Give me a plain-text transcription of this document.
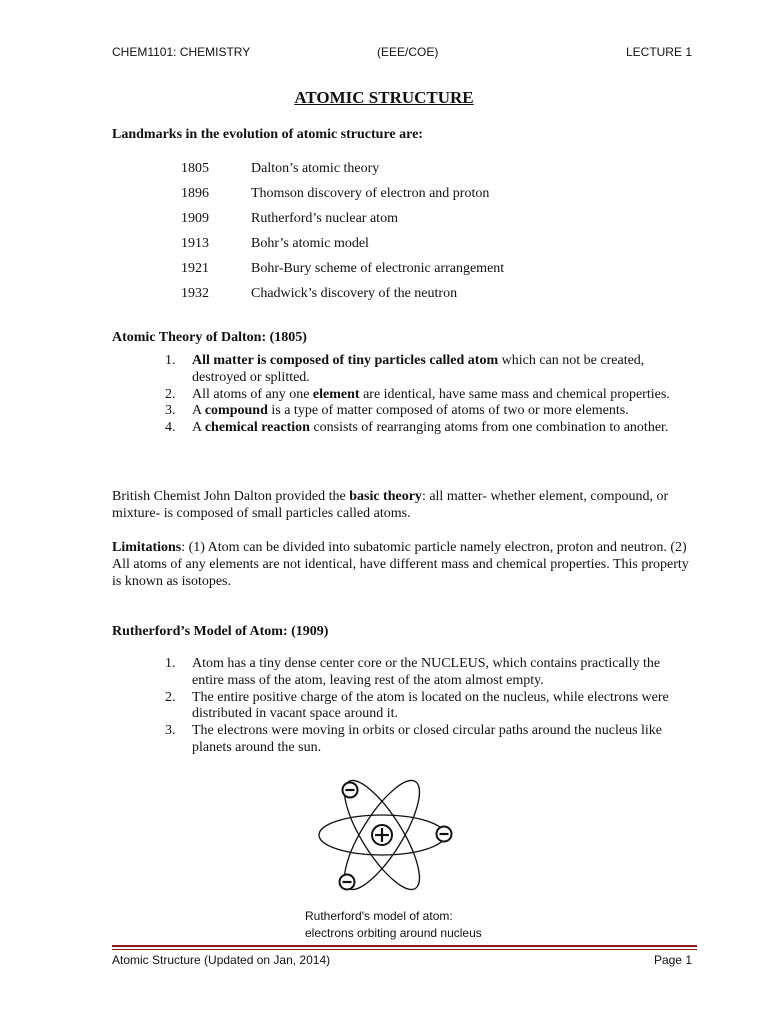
CHEM1101: CHEMISTRY	(EEE/COE)	LECTURE 1
ATOMIC STRUCTURE
Landmarks in the evolution of atomic structure are:
1805	Dalton’s atomic theory
1896	Thomson discovery of electron and proton
1909	Rutherford’s nuclear atom
1913	Bohr’s atomic model
1921	Bohr-Bury scheme of electronic arrangement
1932	Chadwick’s discovery of the neutron
Atomic Theory of Dalton: (1805)
1.	All matter is composed of tiny particles called atom which can not be created, destroyed or splitted.
2.	All atoms of any one element are identical, have same mass and chemical properties.
3.	A compound is a type of matter composed of atoms of two or more elements.
4.	A chemical reaction consists of rearranging atoms from one combination to another.

British Chemist John Dalton provided the basic theory: all matter- whether element, compound, or mixture- is composed of small particles called atoms.

Limitations: (1) Atom can be divided into subatomic particle namely electron, proton and neutron. (2) All atoms of any elements are not identical, have different mass and chemical properties. This property is known as isotopes.

Rutherford’s Model of Atom: (1909)
1.	Atom has a tiny dense center core or the NUCLEUS, which contains practically the entire mass of the atom, leaving rest of the atom almost empty.
2.	The entire positive charge of the atom is located on the nucleus, while electrons were distributed in vacant space around it.
3.	The electrons were moving in orbits or closed circular paths around the nucleus like planets around the sun.
Rutherford's model of atom:
electrons orbiting around nucleus
Atomic Structure (Updated on Jan, 2014)	Page 1
